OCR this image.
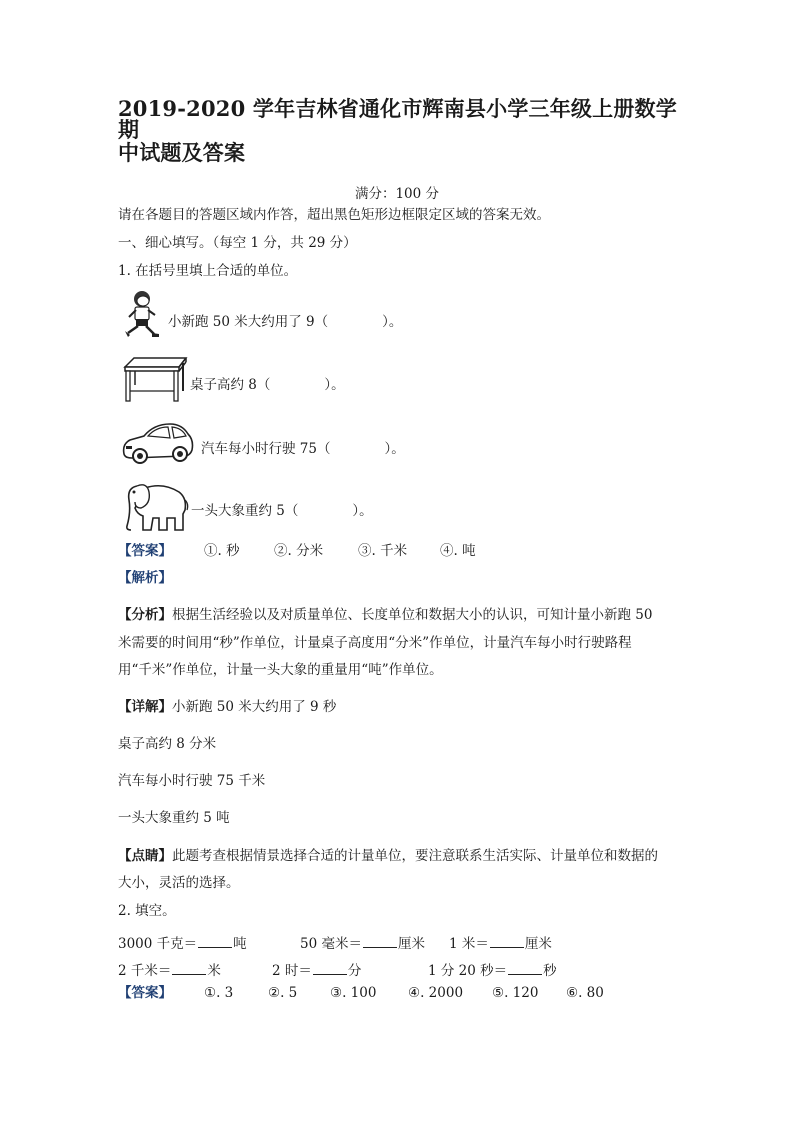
2019-2020 学年吉林省通化市辉南县小学三年级上册数学期
中试题及答案
满分：100 分
请在各题目的答题区域内作答，超出黑色矩形边框限定区域的答案无效。
一、细心填写。（每空 1 分，共 29 分）
1. 在括号里填上合适的单位。
小新跑 50 米大约用了 9（　　　　）。
桌子高约 8（　　　　）。
汽车每小时行驶 75（　　　　）。
一头大象重约 5（　　　　）。
【答案】 ①. 秒	②. 分米	③. 千米 ④. 吨
【解析】
【分析】根据生活经验以及对质量单位、长度单位和数据大小的认识，可知计量小新跑 50
米需要的时间用“秒”作单位，计量桌子高度用“分米”作单位，计量汽车每小时行驶路程
用“千米”作单位，计量一头大象的重量用“吨”作单位。
【详解】小新跑 50 米大约用了 9 秒
桌子高约 8 分米
汽车每小时行驶 75 千米
一头大象重约 5 吨
【点睛】此题考查根据情景选择合适的计量单位，要注意联系生活实际、计量单位和数据的
大小，灵活的选择。
2. 填空。
3000 千克＝	吨	50 毫米＝	厘米 1 米＝	厘米
2 千米＝	米	2 时＝	分	1 分 20 秒＝	秒
【答案】 ①. 3	②. 5 ③. 100 ④. 2000 ⑤. 120 ⑥. 80
